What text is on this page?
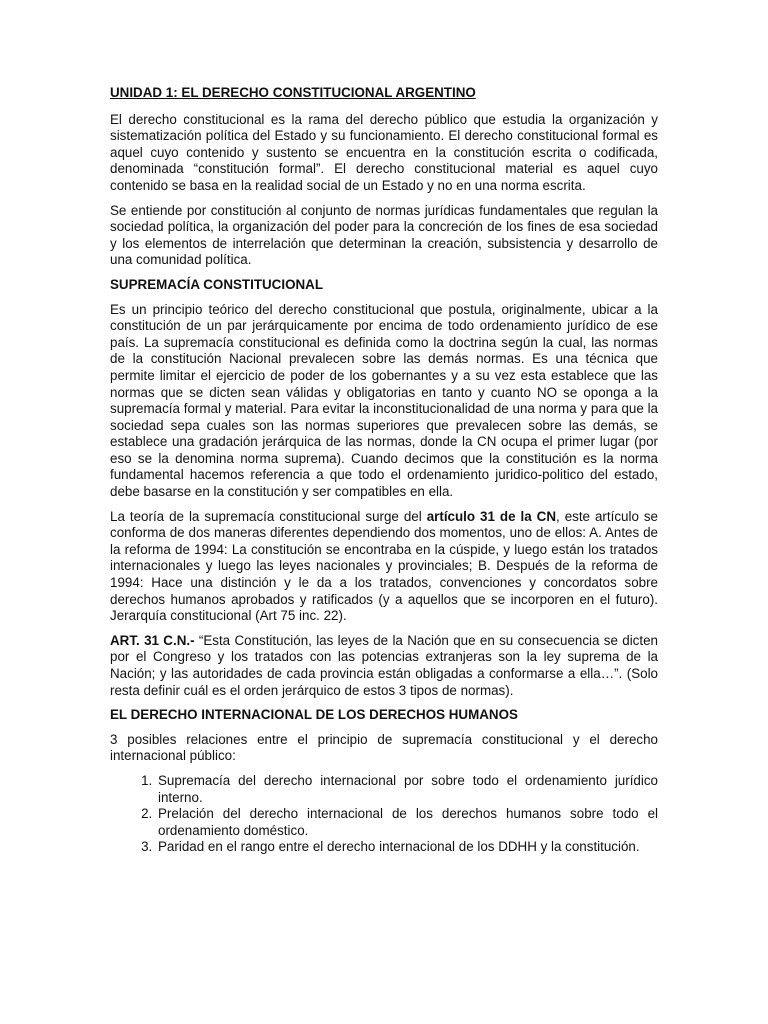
UNIDAD 1: EL DERECHO CONSTITUCIONAL ARGENTINO

El derecho constitucional es la rama del derecho público que estudia la organización y sistematización política del Estado y su funcionamiento. El derecho constitucional formal es aquel cuyo contenido y sustento se encuentra en la constitución escrita o codificada, denominada “constitución formal”. El derecho constitucional material es aquel cuyo contenido se basa en la realidad social de un Estado y no en una norma escrita.

Se entiende por constitución al conjunto de normas jurídicas fundamentales que regulan la sociedad política, la organización del poder para la concreción de los fines de esa sociedad y los elementos de interrelación que determinan la creación, subsistencia y desarrollo de una comunidad política.

SUPREMACÍA CONSTITUCIONAL

Es un principio teórico del derecho constitucional que postula, originalmente, ubicar a la constitución de un par jerárquicamente por encima de todo ordenamiento jurídico de ese país. La supremacía constitucional es definida como la doctrina según la cual, las normas de la constitución Nacional prevalecen sobre las demás normas. Es una técnica que permite limitar el ejercicio de poder de los gobernantes y a su vez esta establece que las normas que se dicten sean válidas y obligatorias en tanto y cuanto NO se oponga a la supremacía formal y material. Para evitar la inconstitucionalidad de una norma y para que la sociedad sepa cuales son las normas superiores que prevalecen sobre las demás, se establece una gradación jerárquica de las normas, donde la CN ocupa el primer lugar (por eso se la denomina norma suprema). Cuando decimos que la constitución es la norma fundamental hacemos referencia a que todo el ordenamiento juridico-politico del estado, debe basarse en la constitución y ser compatibles en ella.

La teoría de la supremacía constitucional surge del artículo 31 de la CN, este artículo se conforma de dos maneras diferentes dependiendo dos momentos, uno de ellos: A. Antes de la reforma de 1994: La constitución se encontraba en la cúspide, y luego están los tratados internacionales y luego las leyes nacionales y provinciales; B. Después de la reforma de 1994: Hace una distinción y le da a los tratados, convenciones y concordatos sobre derechos humanos aprobados y ratificados (y a aquellos que se incorporen en el futuro). Jerarquía constitucional (Art 75 inc. 22).

ART. 31 C.N.- “Esta Constitución, las leyes de la Nación que en su consecuencia se dicten por el Congreso y los tratados con las potencias extranjeras son la ley suprema de la Nación; y las autoridades de cada provincia están obligadas a conformarse a ella…”. (Solo resta definir cuál es el orden jerárquico de estos 3 tipos de normas).

EL DERECHO INTERNACIONAL DE LOS DERECHOS HUMANOS

3 posibles relaciones entre el principio de supremacía constitucional y el derecho internacional público:

1. Supremacía del derecho internacional por sobre todo el ordenamiento jurídico interno.
2. Prelación del derecho internacional de los derechos humanos sobre todo el ordenamiento doméstico.
3. Paridad en el rango entre el derecho internacional de los DDHH y la constitución.
